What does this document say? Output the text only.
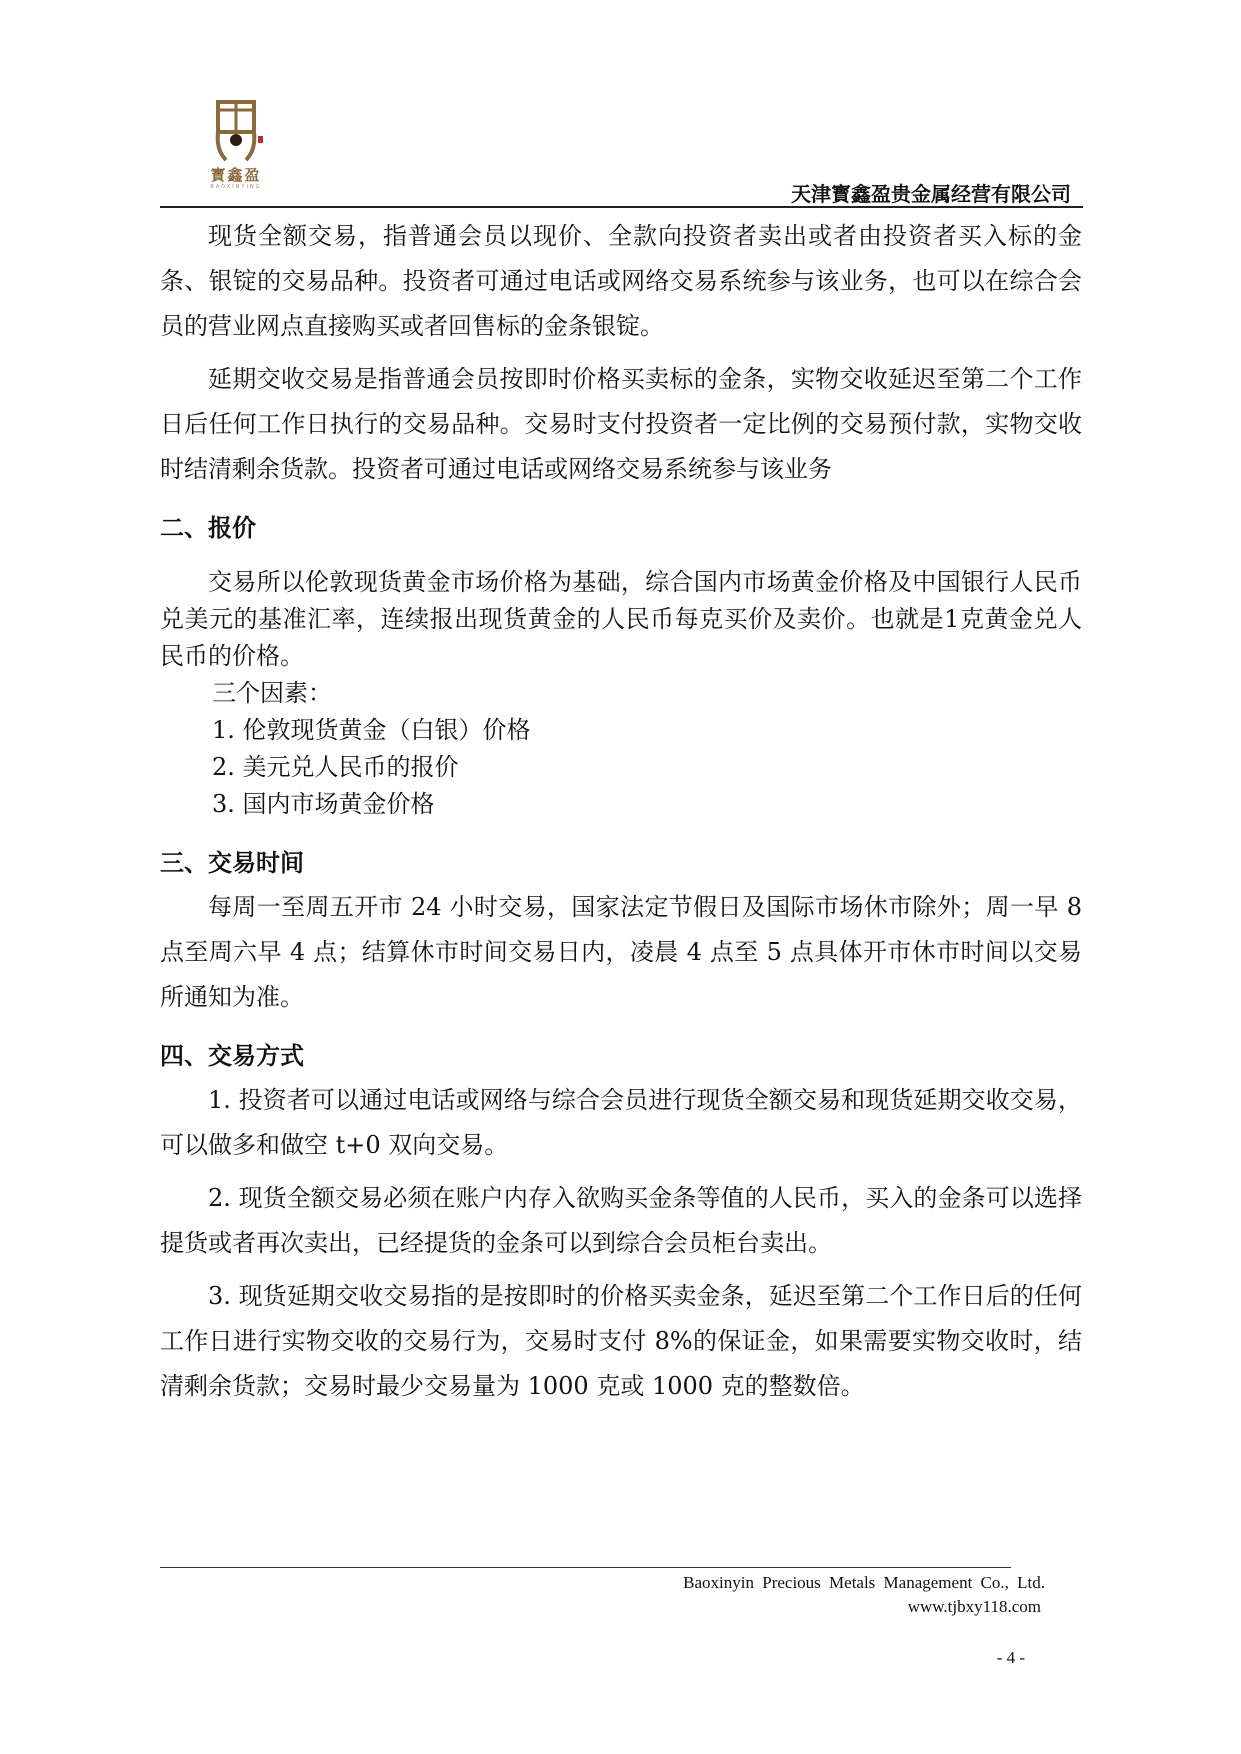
寳鑫盈
BAOXINYING	天津寳鑫盈贵金属经营有限公司

现货全额交易，指普通会员以现价、全款向投资者卖出或者由投资者买入标的金条、银锭的交易品种。投资者可通过电话或网络交易系统参与该业务，也可以在综合会员的营业网点直接购买或者回售标的金条银锭。

延期交收交易是指普通会员按即时价格买卖标的金条，实物交收延迟至第二个工作日后任何工作日执行的交易品种。交易时支付投资者一定比例的交易预付款，实物交收时结清剩余货款。投资者可通过电话或网络交易系统参与该业务

二、报价

交易所以伦敦现货黄金市场价格为基础，综合国内市场黄金价格及中国银行人民币兑美元的基准汇率，连续报出现货黄金的人民币每克买价及卖价。也就是1克黄金兑人民币的价格。

三个因素：
1. 伦敦现货黄金（白银）价格
2. 美元兑人民币的报价
3. 国内市场黄金价格
三、交易时间

每周一至周五开市 24 小时交易，国家法定节假日及国际市场休市除外；周一早 8 点至周六早 4 点；结算休市时间交易日内，凌晨 4 点至 5 点具体开市休市时间以交易所通知为准。

四、交易方式

1. 投资者可以通过电话或网络与综合会员进行现货全额交易和现货延期交收交易，可以做多和做空 t+0 双向交易。

2. 现货全额交易必须在账户内存入欲购买金条等值的人民币，买入的金条可以选择提货或者再次卖出，已经提货的金条可以到综合会员柜台卖出。

3. 现货延期交收交易指的是按即时的价格买卖金条，延迟至第二个工作日后的任何工作日进行实物交收的交易行为，交易时支付 8%的保证金，如果需要实物交收时，结清剩余货款；交易时最少交易量为 1000 克或 1000 克的整数倍。

Baoxinyin Precious Metals Management Co., Ltd.
www.tjbxy118.com
- 4 -
